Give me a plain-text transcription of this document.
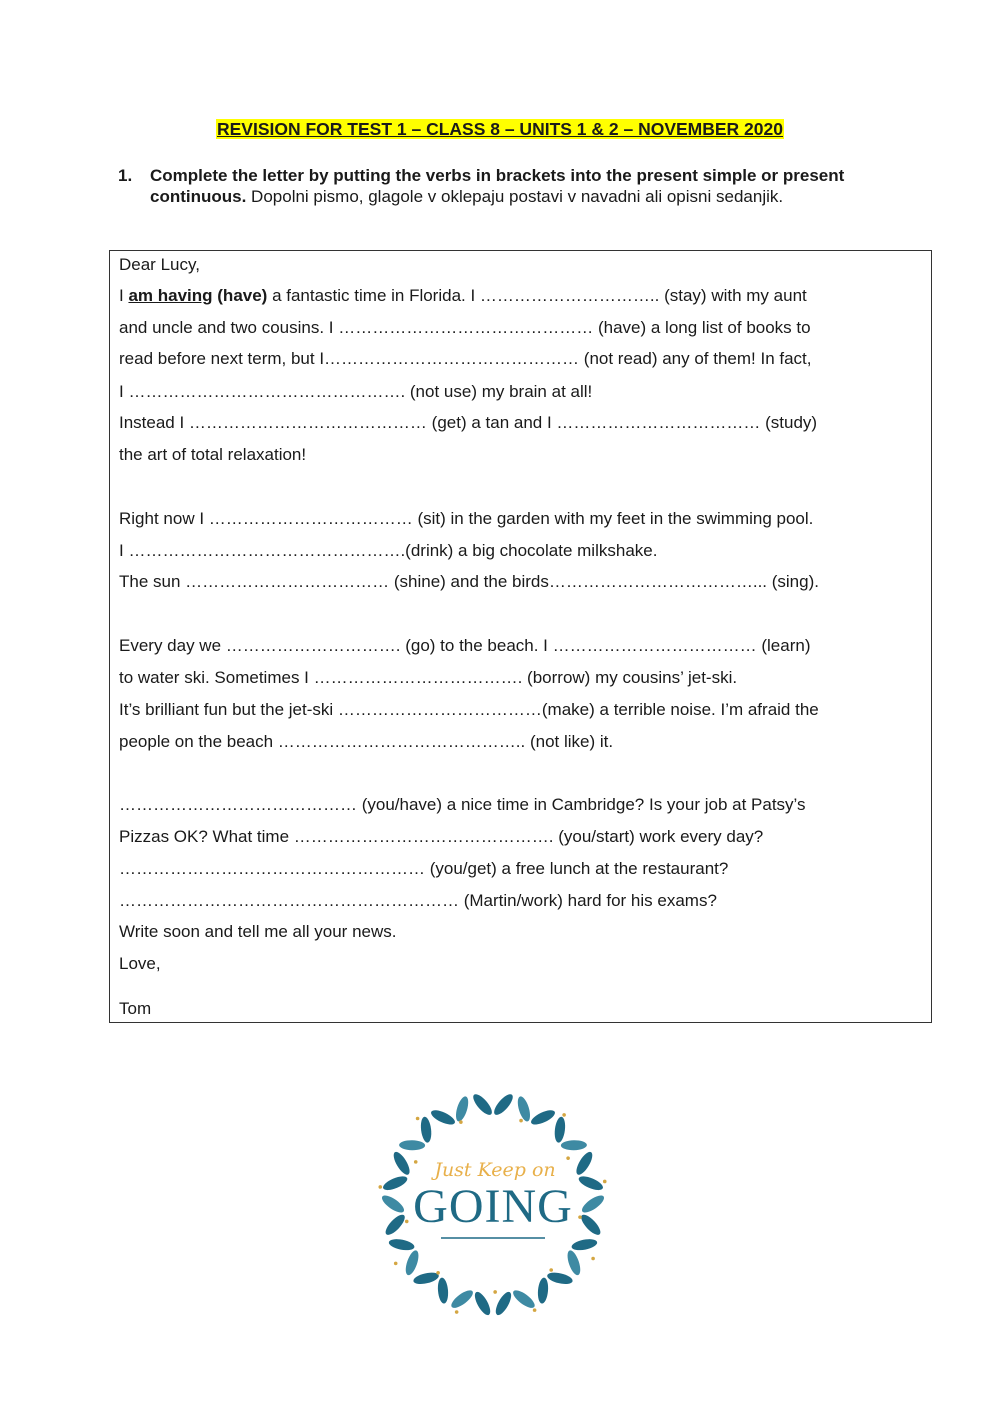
REVISION FOR TEST 1 – CLASS 8 – UNITS 1 & 2 – NOVEMBER 2020
1. Complete the letter by putting the verbs in brackets into the present simple or present continuous. Dopolni pismo, glagole v oklepaju postavi v navadni ali opisni sedanjik.
Dear Lucy,
I am having (have) a fantastic time in Florida. I ………………………….. (stay) with my aunt
and uncle and two cousins. I ……………………………………… (have) a long list of books to
read before next term, but I……………………………………… (not read) any of them! In fact,
I …………………………………………. (not use) my brain at all!
Instead I …………………………………… (get) a tan and I ……………………………… (study)
the art of total relaxation!
Right now I ……………………………… (sit) in the garden with my feet in the swimming pool.
I ………………………………………….(drink) a big chocolate milkshake.
The sun ……………………………… (shine) and the birds………………………………... (sing).
Every day we …………………………. (go) to the beach. I ……………………………… (learn)
to water ski. Sometimes I ………………………………. (borrow) my cousins’ jet-ski.
It’s brilliant fun but the jet-ski ………………………………(make) a terrible noise. I’m afraid the
people on the beach …………………………………….. (not like) it.
…………………………………… (you/have) a nice time in Cambridge? Is your job at Patsy’s
Pizzas OK? What time ………………………………………. (you/start) work every day?
……………………………………………… (you/get) a free lunch at the restaurant?
…………………………………………………… (Martin/work) hard for his exams?
Write soon and tell me all your news.
Love,
Tom
Just Keep on
GOING
